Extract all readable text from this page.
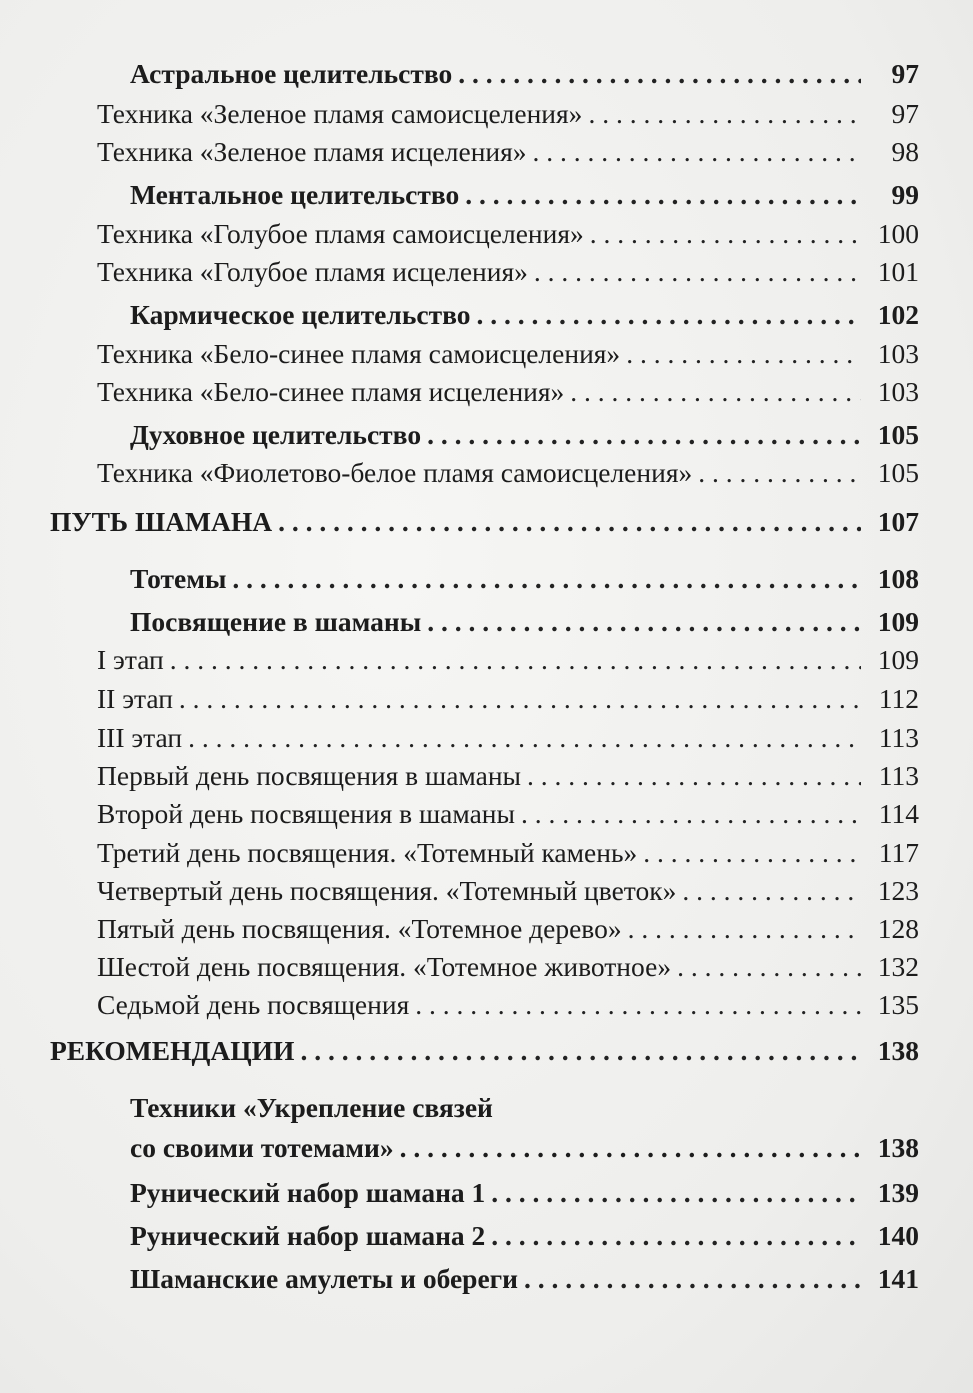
Астральное целительство . . .	97
Техника «Зеленое пламя самоисцеления» . . .	97
Техника «Зеленое пламя исцеления» . . .	98
Ментальное целительство . . .	99
Техника «Голубое пламя самоисцеления» . . .	100
Техника «Голубое пламя исцеления» . . .	101
Кармическое целительство . . .	102
Техника «Бело-синее пламя самоисцеления» . . .	103
Техника «Бело-синее пламя исцеления» . . .	103
Духовное целительство . . .	105
Техника «Фиолетово-белое пламя самоисцеления» . . .	105
ПУТЬ ШАМАНА . . .	107
Тотемы . . .	108
Посвящение в шаманы . . .	109
I этап . . .	109
II этап . . .	112
III этап . . .	113
Первый день посвящения в шаманы . . .	113
Второй день посвящения в шаманы . . .	114
Третий день посвящения. «Тотемный камень» . . .	117
Четвертый день посвящения. «Тотемный цветок» . . .	123
Пятый день посвящения. «Тотемное дерево» . . .	128
Шестой день посвящения. «Тотемное животное» . . .	132
Седьмой день посвящения . . .	135
РЕКОМЕНДАЦИИ . . .	138
Техники «Укрепление связей
со своими тотемами» . . .	138
Рунический набор шамана 1 . . .	139
Рунический набор шамана 2 . . .	140
Шаманские амулеты и обереги . . .	141
